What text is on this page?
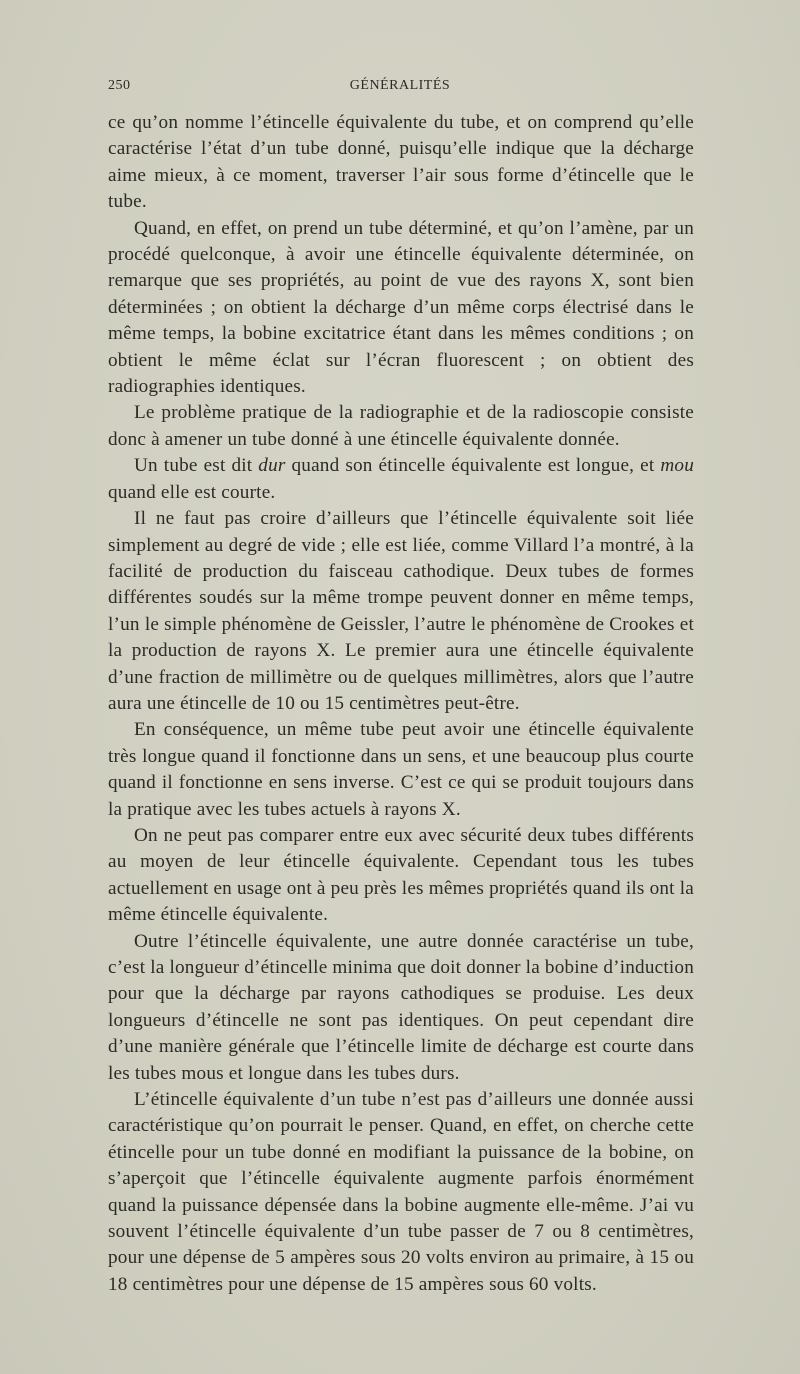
250	GÉNÉRALITÉS

ce qu’on nomme l’étincelle équivalente du tube, et on comprend qu’elle caractérise l’état d’un tube donné, puisqu’elle indique que la décharge aime mieux, à ce moment, traverser l’air sous forme d’étincelle que le tube.

Quand, en effet, on prend un tube déterminé, et qu’on l’amène, par un procédé quelconque, à avoir une étincelle équivalente déterminée, on remarque que ses propriétés, au point de vue des rayons X, sont bien déterminées ; on obtient la décharge d’un même corps électrisé dans le même temps, la bobine excitatrice étant dans les mêmes conditions ; on obtient le même éclat sur l’écran fluorescent ; on obtient des radiographies identiques.

Le problème pratique de la radiographie et de la radioscopie consiste donc à amener un tube donné à une étincelle équivalente donnée.

Un tube est dit dur quand son étincelle équivalente est longue, et mou quand elle est courte.

Il ne faut pas croire d’ailleurs que l’étincelle équivalente soit liée simplement au degré de vide ; elle est liée, comme Villard l’a montré, à la facilité de production du faisceau cathodique. Deux tubes de formes différentes soudés sur la même trompe peuvent donner en même temps, l’un le simple phénomène de Geissler, l’autre le phénomène de Crookes et la production de rayons X. Le premier aura une étincelle équivalente d’une fraction de millimètre ou de quelques millimètres, alors que l’autre aura une étincelle de 10 ou 15 centimètres peut-être.

En conséquence, un même tube peut avoir une étincelle équivalente très longue quand il fonctionne dans un sens, et une beaucoup plus courte quand il fonctionne en sens inverse. C’est ce qui se produit toujours dans la pratique avec les tubes actuels à rayons X.

On ne peut pas comparer entre eux avec sécurité deux tubes différents au moyen de leur étincelle équivalente. Cependant tous les tubes actuellement en usage ont à peu près les mêmes propriétés quand ils ont la même étincelle équivalente.

Outre l’étincelle équivalente, une autre donnée caractérise un tube, c’est la longueur d’étincelle minima que doit donner la bobine d’induction pour que la décharge par rayons cathodiques se produise. Les deux longueurs d’étincelle ne sont pas identiques. On peut cependant dire d’une manière générale que l’étincelle limite de décharge est courte dans les tubes mous et longue dans les tubes durs.

L’étincelle équivalente d’un tube n’est pas d’ailleurs une donnée aussi caractéristique qu’on pourrait le penser. Quand, en effet, on cherche cette étincelle pour un tube donné en modifiant la puissance de la bobine, on s’aperçoit que l’étincelle équivalente augmente parfois énormément quand la puissance dépensée dans la bobine augmente elle-même. J’ai vu souvent l’étincelle équivalente d’un tube passer de 7 ou 8 centimètres, pour une dépense de 5 ampères sous 20 volts environ au primaire, à 15 ou 18 centimètres pour une dépense de 15 ampères sous 60 volts.
